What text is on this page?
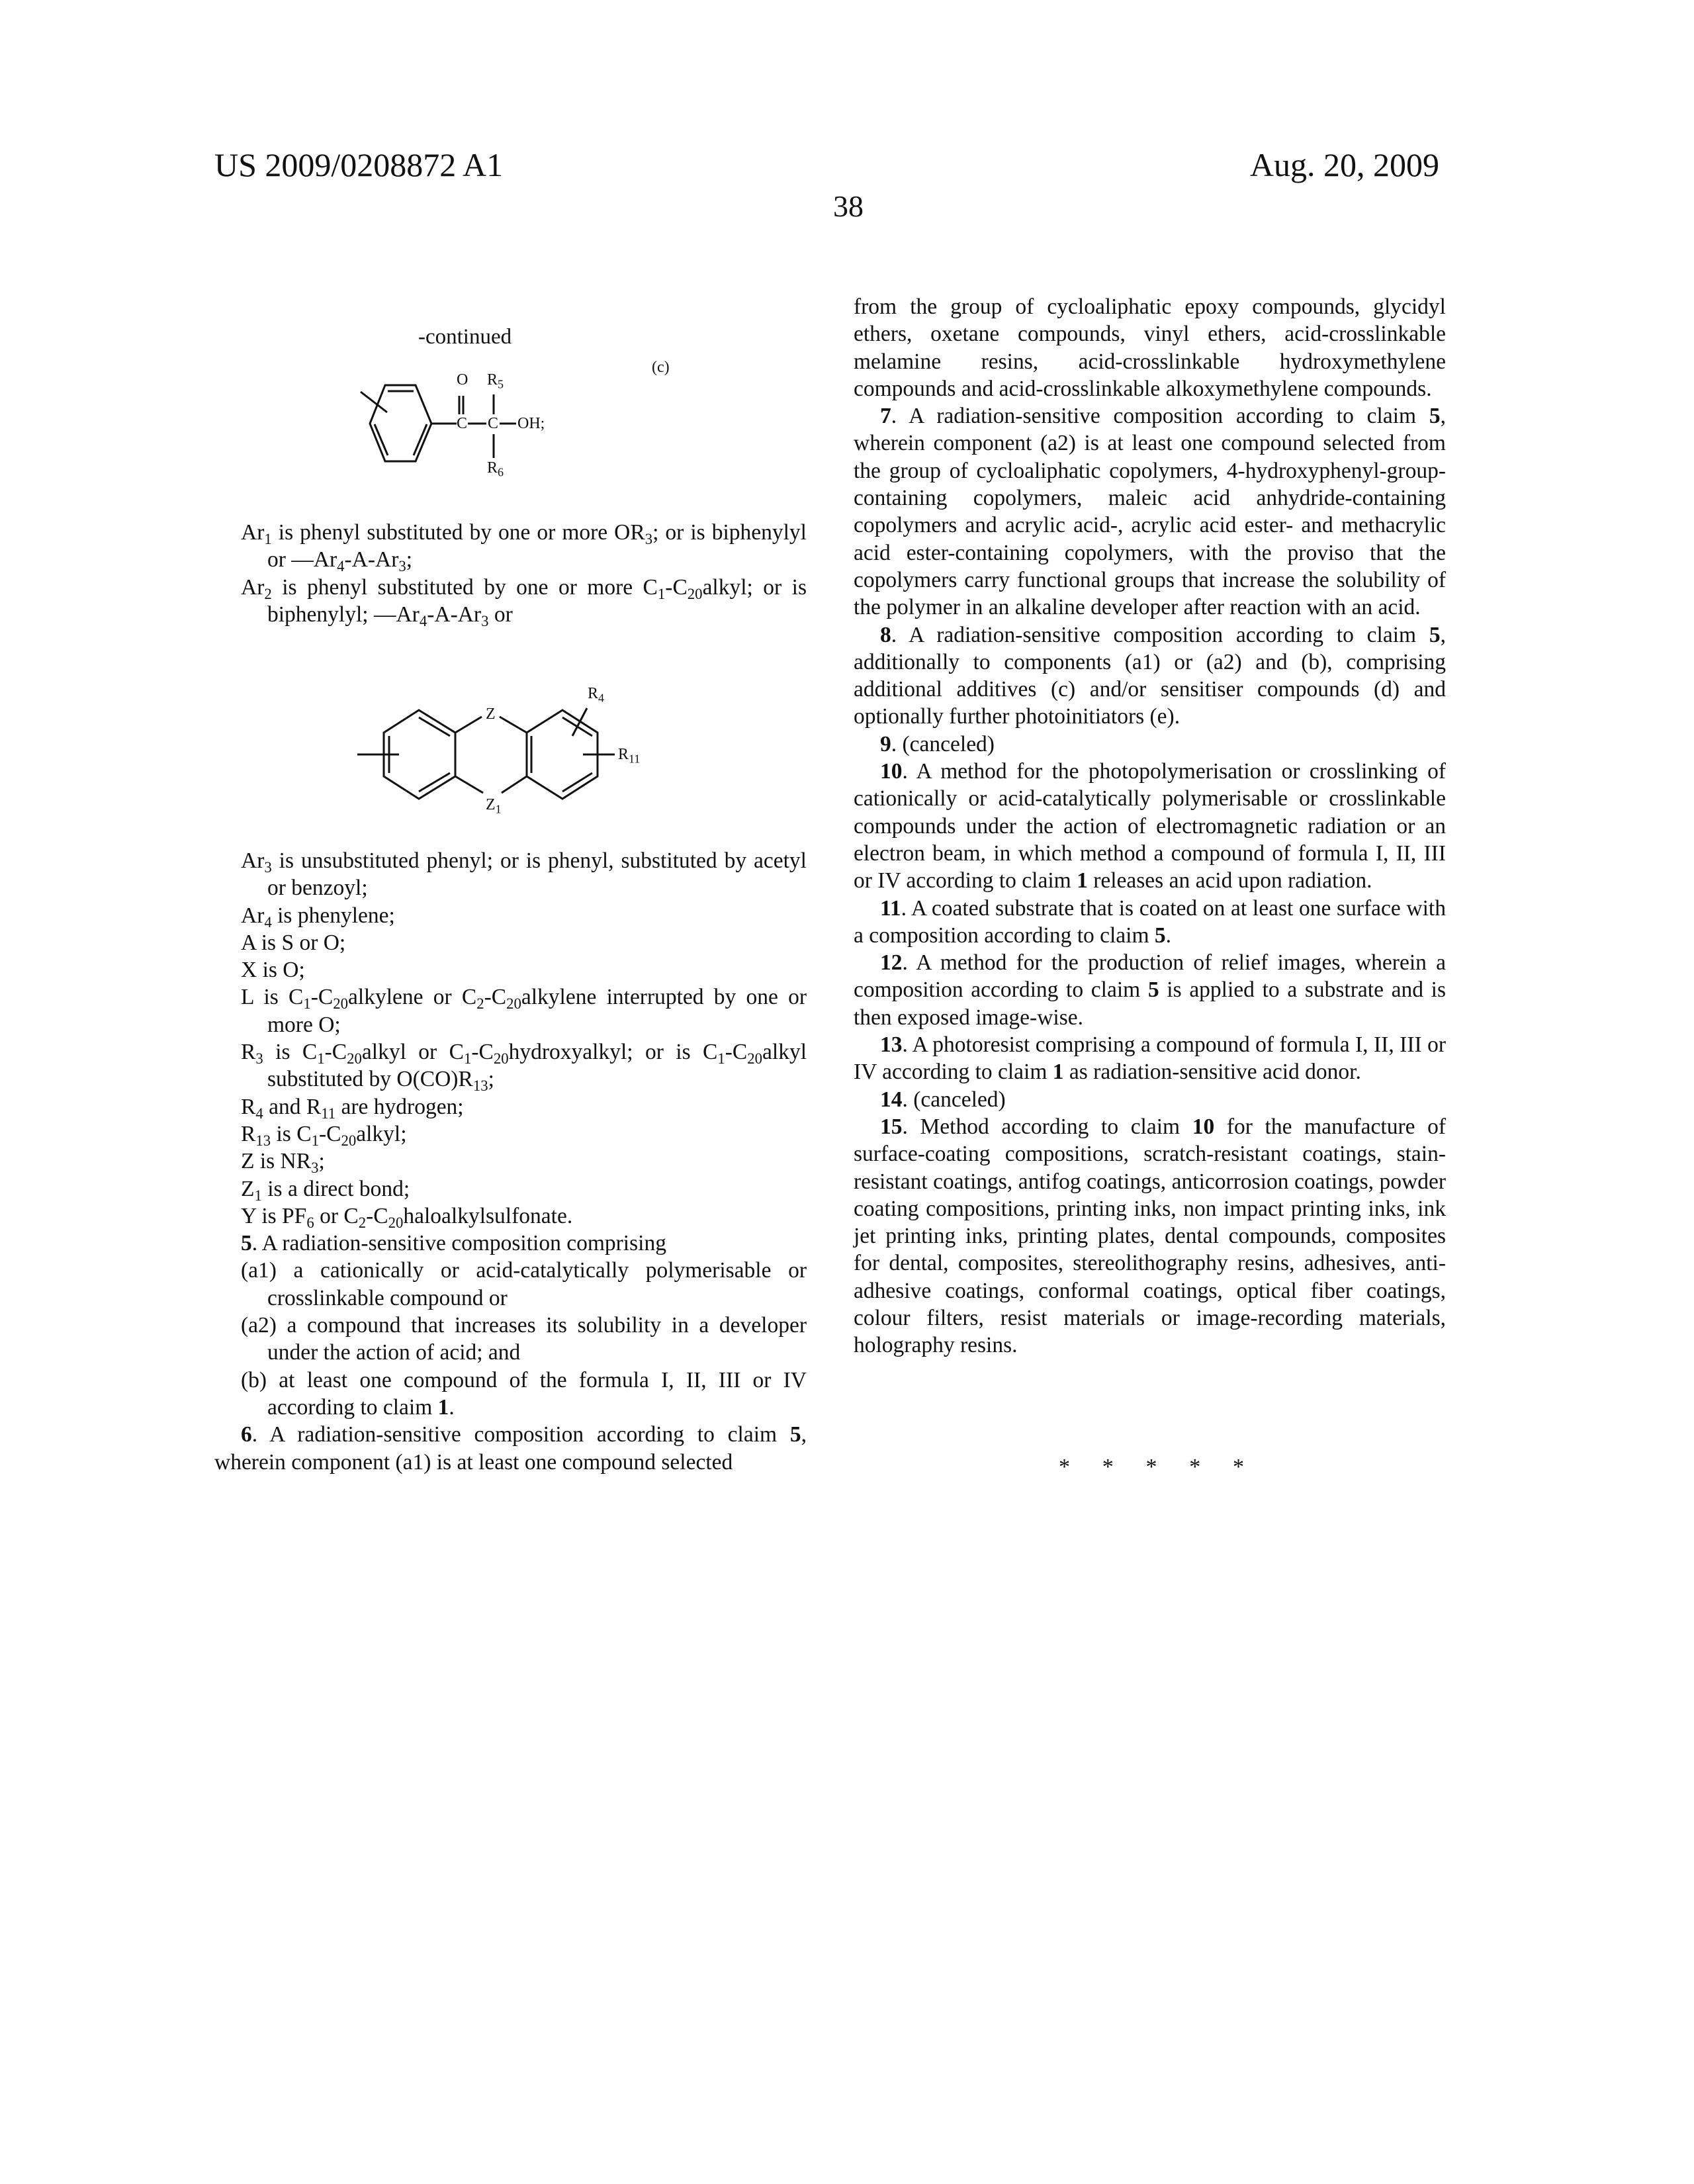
US 2009/0208872 A1	Aug. 20, 2009
38
-continued
(c)
O R5
C C OH;
R6
Z
Z1
R4
R11

Ar1 is phenyl substituted by one or more OR3; or is biphenylyl or —Ar4-A-Ar3;

Ar2 is phenyl substituted by one or more C1-C20alkyl; or is biphenylyl; —Ar4-A-Ar3 or

Ar3 is unsubstituted phenyl; or is phenyl, substituted by acetyl or benzoyl;

Ar4 is phenylene;

A is S or O;

X is O;

L is C1-C20alkylene or C2-C20alkylene interrupted by one or more O;

R3 is C1-C20alkyl or C1-C20hydroxyalkyl; or is C1-C20alkyl substituted by O(CO)R13;

R4 and R11 are hydrogen;

R13 is C1-C20alkyl;

Z is NR3;

Z1 is a direct bond;

Y is PF6 or C2-C20haloalkylsulfonate.

5. A radiation-sensitive composition comprising

(a1) a cationically or acid-catalytically polymerisable or crosslinkable compound or

(a2) a compound that increases its solubility in a developer under the action of acid; and

(b) at least one compound of the formula I, II, III or IV according to claim 1.

6. A radiation-sensitive composition according to claim 5, wherein component (a1) is at least one compound selected

from the group of cycloaliphatic epoxy compounds, glycidyl ethers, oxetane compounds, vinyl ethers, acid-crosslinkable melamine resins, acid-crosslinkable hydroxymethylene compounds and acid-crosslinkable alkoxymethylene compounds.

7. A radiation-sensitive composition according to claim 5, wherein component (a2) is at least one compound selected from the group of cycloaliphatic copolymers, 4-hydroxyphenyl-group-containing copolymers, maleic acid anhydride-containing copolymers and acrylic acid-, acrylic acid ester- and methacrylic acid ester-containing copolymers, with the proviso that the copolymers carry functional groups that increase the solubility of the polymer in an alkaline developer after reaction with an acid.

8. A radiation-sensitive composition according to claim 5, additionally to components (a1) or (a2) and (b), comprising additional additives (c) and/or sensitiser compounds (d) and optionally further photoinitiators (e).

9. (canceled)

10. A method for the photopolymerisation or crosslinking of cationically or acid-catalytically polymerisable or crosslinkable compounds under the action of electromagnetic radiation or an electron beam, in which method a compound of formula I, II, III or IV according to claim 1 releases an acid upon radiation.

11. A coated substrate that is coated on at least one surface with a composition according to claim 5.

12. A method for the production of relief images, wherein a composition according to claim 5 is applied to a substrate and is then exposed image-wise.

13. A photoresist comprising a compound of formula I, II, III or IV according to claim 1 as radiation-sensitive acid donor.

14. (canceled)

15. Method according to claim 10 for the manufacture of surface-coating compositions, scratch-resistant coatings, stain-resistant coatings, antifog coatings, anticorrosion coatings, powder coating compositions, printing inks, non impact printing inks, ink jet printing inks, printing plates, dental compounds, composites for dental, composites, stereolithography resins, adhesives, anti-adhesive coatings, conformal coatings, optical fiber coatings, colour filters, resist materials or image-recording materials, holography resins.

* * * * *
